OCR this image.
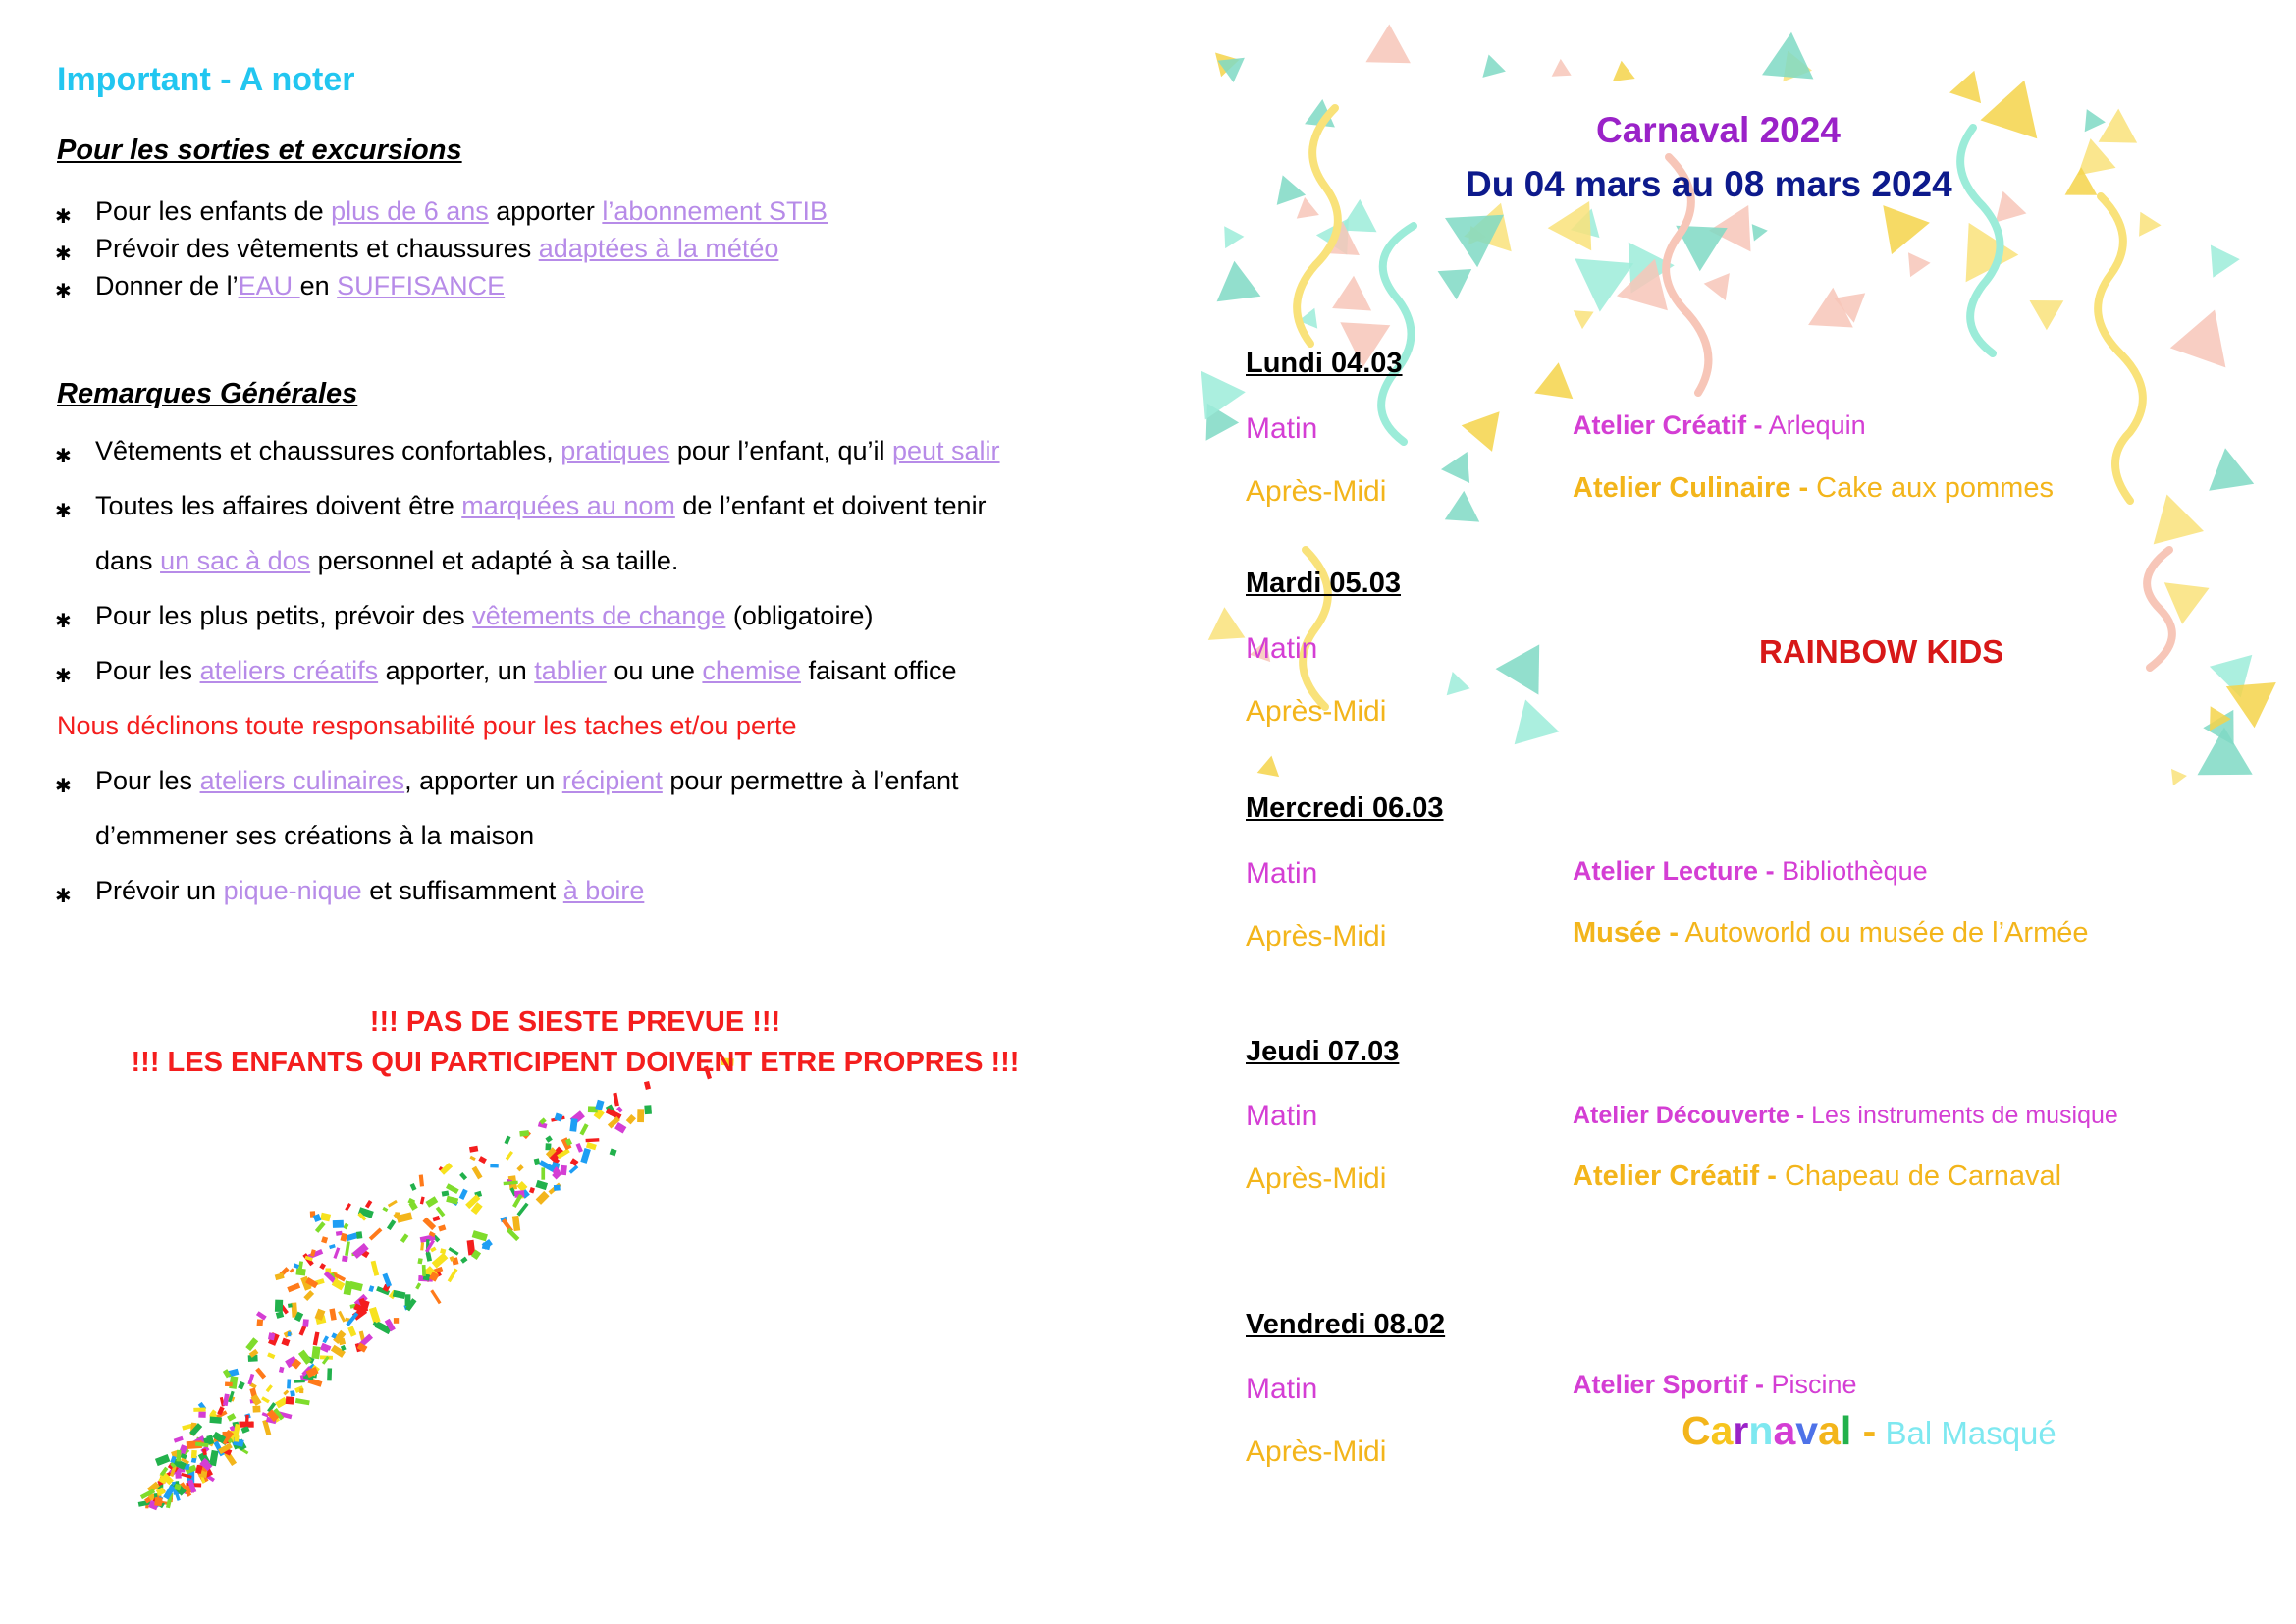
Important - A noter
Pour les sorties et excursions
✱ Pour les enfants de plus de 6 ans apporter l’abonnement STIB
✱ Prévoir des vêtements et chaussures adaptées à la météo
✱ Donner de l’EAU en SUFFISANCE
Remarques Générales
✱ Vêtements et chaussures confortables, pratiques pour l’enfant, qu’il peut salir
✱ Toutes les affaires doivent être marquées au nom de l’enfant et doivent tenir
dans un sac à dos personnel et adapté à sa taille.
✱ Pour les plus petits, prévoir des vêtements de change (obligatoire)
✱ Pour les ateliers créatifs apporter, un tablier ou une chemise faisant office
Nous déclinons toute responsabilité pour les taches et/ou perte
✱ Pour les ateliers culinaires, apporter un récipient pour permettre à l’enfant
d’emmener ses créations à la maison
✱ Prévoir un pique-nique et suffisamment à boire
!!! PAS DE SIESTE PREVUE !!!
!!! LES ENFANTS QUI PARTICIPENT DOIVENT ETRE PROPRES !!!
Carnaval 2024
Du 04 mars au 08 mars 2024
Lundi 04.03
Matin	Atelier Créatif - Arlequin
Après-Midi	Atelier Culinaire - Cake aux pommes
Mardi 05.03
Matin	RAINBOW KIDS
Après-Midi
Mercredi 06.03
Matin	Atelier Lecture - Bibliothèque
Après-Midi	Musée - Autoworld ou musée de l’Armée
Jeudi 07.03
Matin	Atelier Découverte - Les instruments de musique
Après-Midi	Atelier Créatif - Chapeau de Carnaval
Vendredi 08.02
Matin	Atelier Sportif - Piscine
Après-Midi	Carnaval - Bal Masqué
